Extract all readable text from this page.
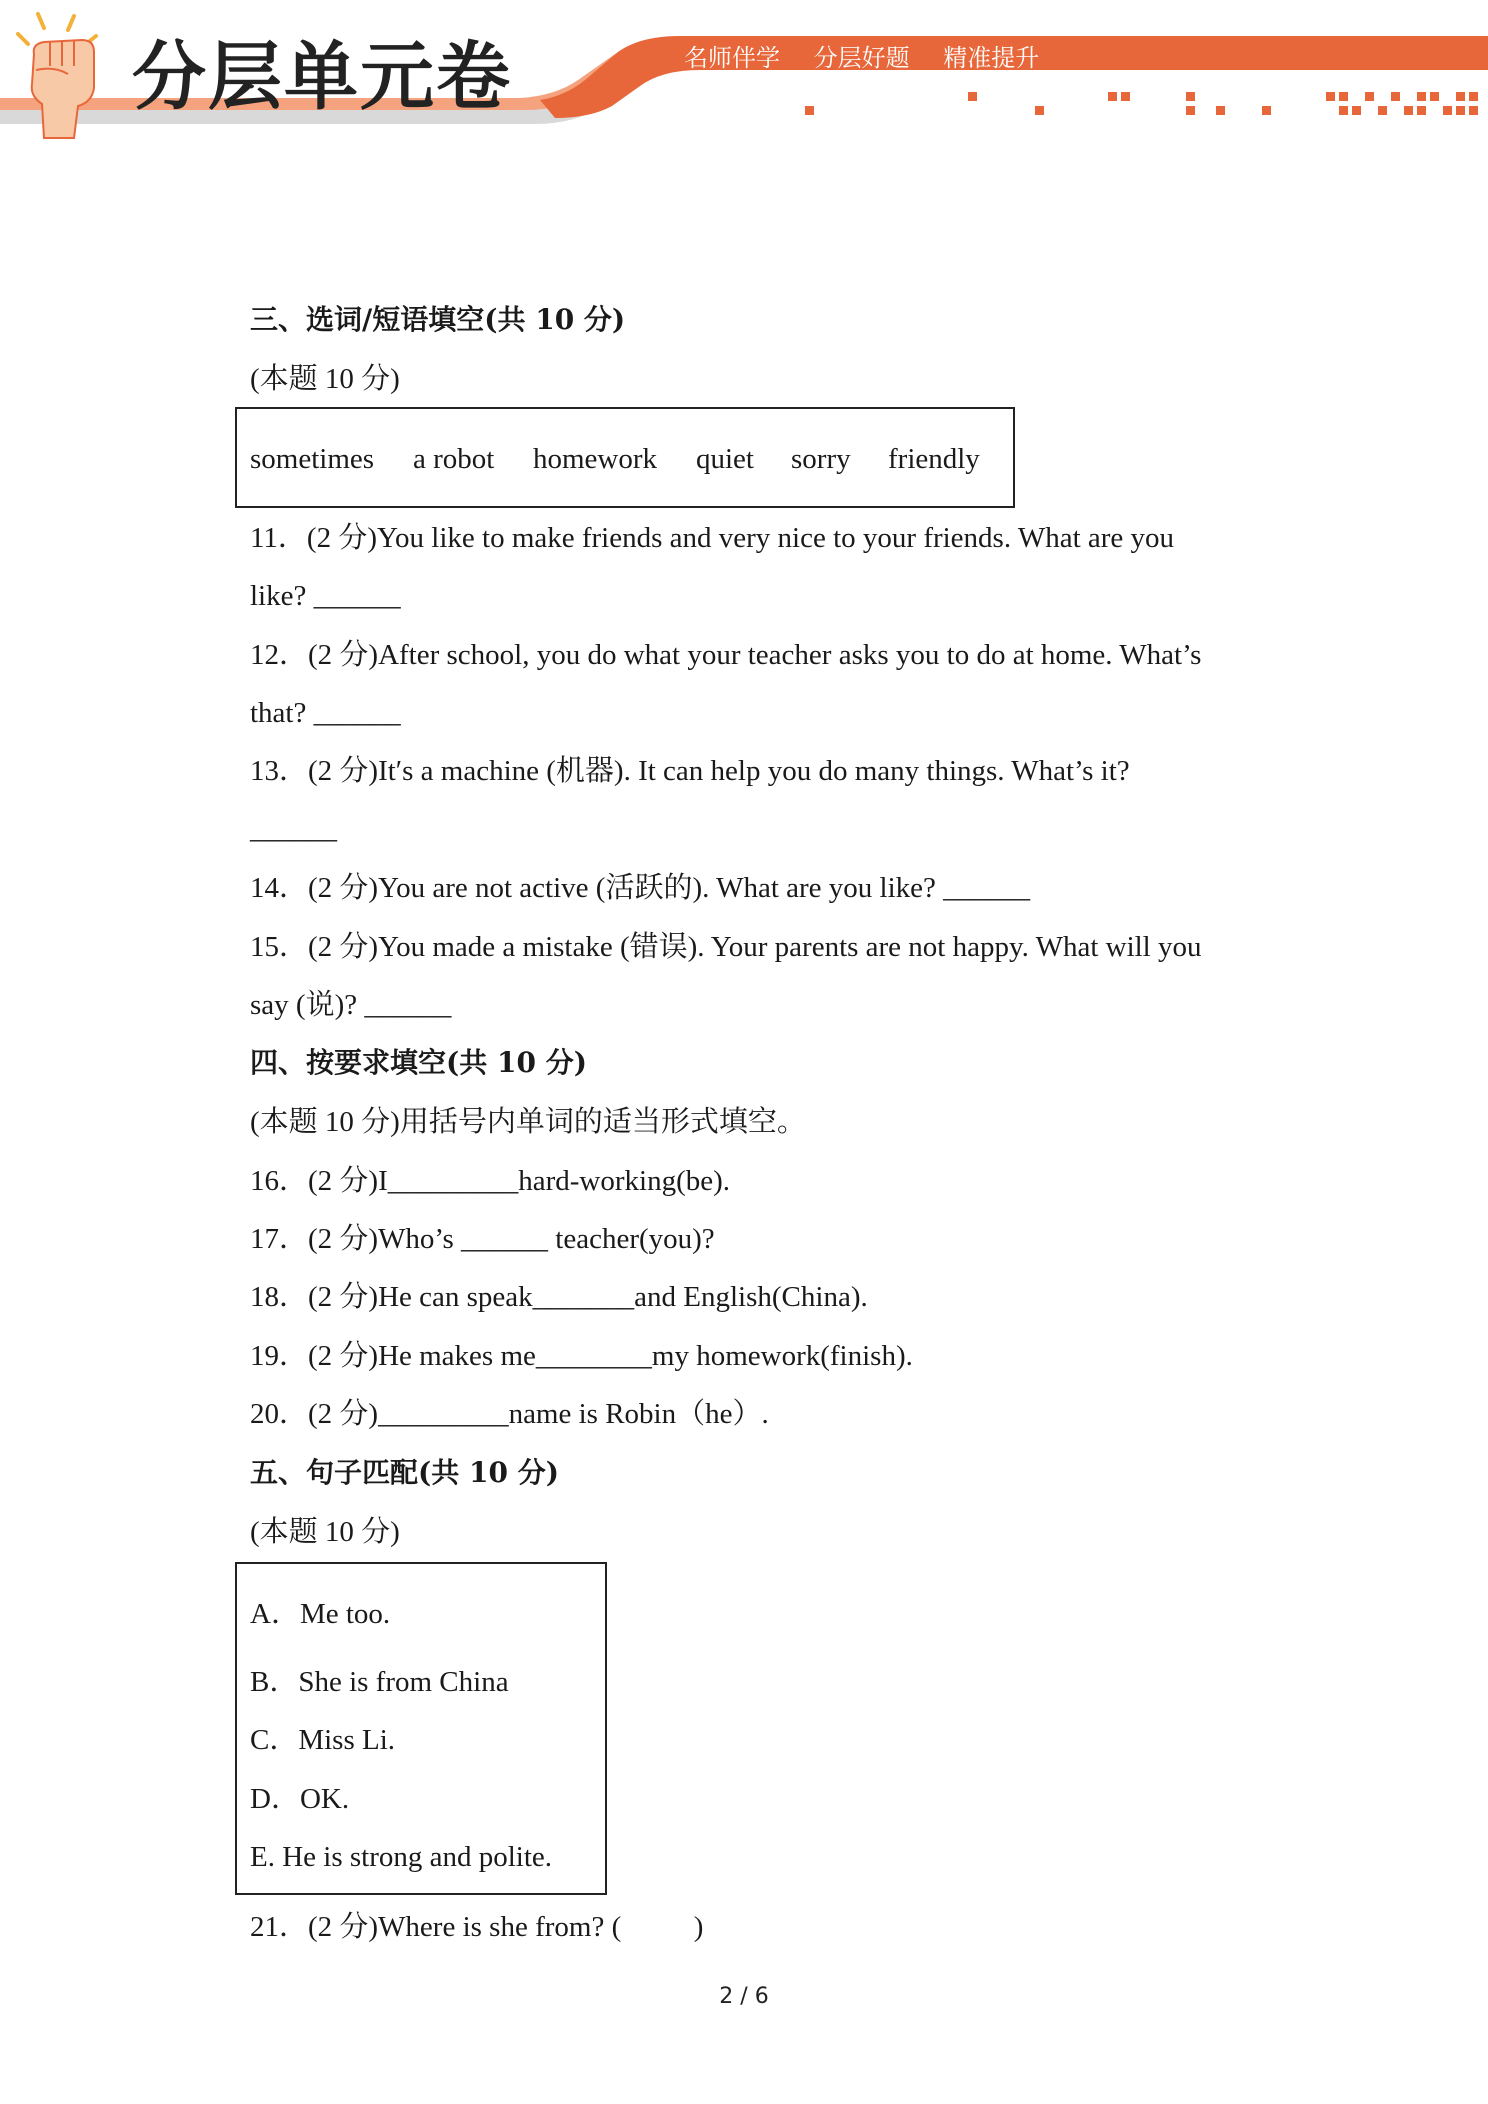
分层单元卷	名师伴学 分层好题 精准提升
三、选词/短语填空(共 10 分)
(本题 10 分)
sometimes a robot homework quiet sorry friendly
11．(2 分)You like to make friends and very nice to your friends. What are you
like? ______
12．(2 分)After school, you do what your teacher asks you to do at home. What’s
that? ______
13．(2 分)It′s a machine (机器). It can help you do many things. What’s it?
______
14．(2 分)You are not active (活跃的). What are you like? ______
15．(2 分)You made a mistake (错误). Your parents are not happy. What will you
say (说)? ______
四、按要求填空(共 10 分)
(本题 10 分)用括号内单词的适当形式填空。
16．(2 分)I_________hard-working(be).
17．(2 分)Who’s ______ teacher(you)?
18．(2 分)He can speak_______and English(China).
19．(2 分)He makes me________my homework(finish).
20．(2 分)_________name is Robin（he）.
五、句子匹配(共 10 分)
(本题 10 分)
A．Me too.
B．She is from China
C．Miss Li.
D．OK.
E. He is strong and polite.
21．(2 分)Where is she from? (          )
2 / 6
